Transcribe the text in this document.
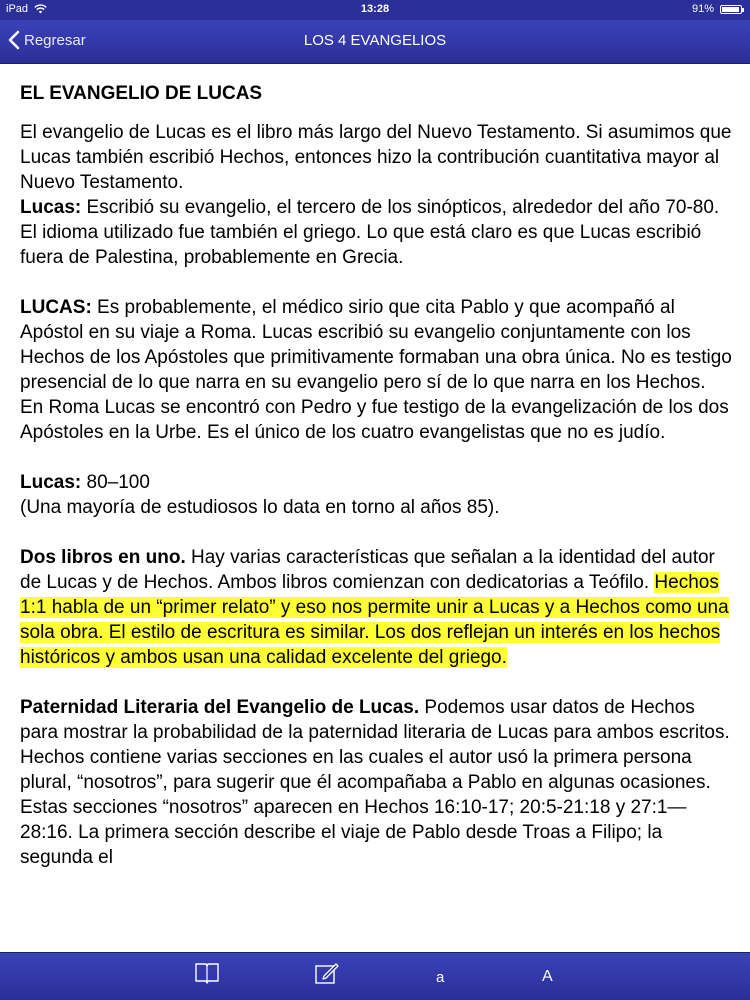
iPad	13:28	91%
Regresar	LOS 4 EVANGELIOS
EL EVANGELIO DE LUCAS

El evangelio de Lucas es el libro más largo del Nuevo Testamento. Si asumimos que Lucas también escribió Hechos, entonces hizo la contribución cuantitativa mayor al Nuevo Testamento.
Lucas: Escribió su evangelio, el tercero de los sinópticos, alrededor del año 70-80. El idioma utilizado fue también el griego. Lo que está claro es que Lucas escribió fuera de Palestina, probablemente en Grecia.

LUCAS: Es probablemente, el médico sirio que cita Pablo y que acompañó al Apóstol en su viaje a Roma. Lucas escribió su evangelio conjuntamente con los Hechos de los Apóstoles que primitivamente formaban una obra única. No es testigo presencial de lo que narra en su evangelio pero sí de lo que narra en los Hechos. En Roma Lucas se encontró con Pedro y fue testigo de la evangelización de los dos Apóstoles en la Urbe. Es el único de los cuatro evangelistas que no es judío.

Lucas: 80–100
(Una mayoría de estudiosos lo data en torno al años 85).

Dos libros en uno. Hay varias características que señalan a la identidad del autor de Lucas y de Hechos. Ambos libros comienzan con dedicatorias a Teófilo. Hechos 1:1 habla de un “primer relato” y eso nos permite unir a Lucas y a Hechos como una sola obra. El estilo de escritura es similar. Los dos reflejan un interés en los hechos históricos y ambos usan una calidad excelente del griego.

Paternidad Literaria del Evangelio de Lucas. Podemos usar datos de Hechos para mostrar la probabilidad de la paternidad literaria de Lucas para ambos escritos. Hechos contiene varias secciones en las cuales el autor usó la primera persona plural, “nosotros”, para sugerir que él acompañaba a Pablo en algunas ocasiones. Estas secciones “nosotros” aparecen en Hechos 16:10-17; 20:5-21:18 y 27:1—28:16. La primera sección describe el viaje de Pablo desde Troas a Filipo; la segunda el

a	A
